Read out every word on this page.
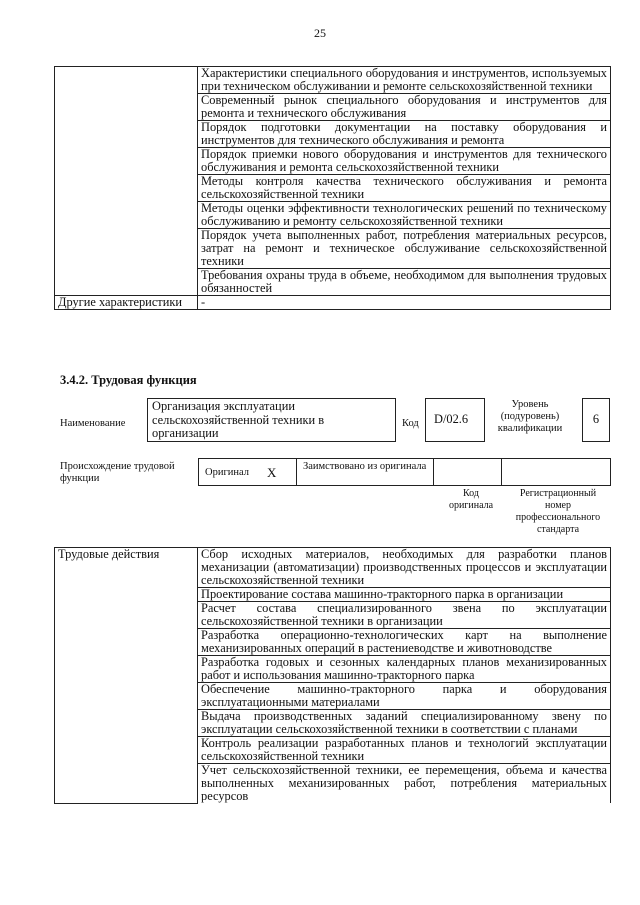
25

	Характеристики специального оборудования и инструментов, используемых при техническом обслуживании и ремонте сельскохозяйственной техники

	Современный рынок специального оборудования и инструментов для ремонта и технического обслуживания

	Порядок подготовки документации на поставку оборудования и инструментов для технического обслуживания и ремонта

	Порядок приемки нового оборудования и инструментов для технического обслуживания и ремонта сельскохозяйственной техники

	Методы контроля качества технического обслуживания и ремонта сельскохозяйственной техники

	Методы оценки эффективности технологических решений по техническому обслуживанию и ремонту сельскохозяйственной техники

	Порядок учета выполненных работ, потребления материальных ресурсов, затрат на ремонт и техническое обслуживание сельскохозяйственной техники

	Требования охраны труда в объеме, необходимом для выполнения трудовых обязанностей

Другие характеристики	-
3.4.2. Трудовая функция
Наименование
Организация эксплуатации сельскохозяйственной техники в организации
Код	D/02.6
Уровень (подуровень) квалификации
6
Происхождение трудовой функции
Оригинал X	Заимствовано из оригинала
Код оригинала
Регистрационный номер профессионального стандарта
Трудовые действия	Сбор исходных материалов, необходимых для разработки планов механизации (автоматизации) производственных процессов и эксплуатации сельскохозяйственной техники

Проектирование состава машинно-тракторного парка в организации

Расчет состава специализированного звена по эксплуатации сельскохозяйственной техники в организации

Разработка операционно-технологических карт на выполнение механизированных операций в растениеводстве и животноводстве

Разработка годовых и сезонных календарных планов механизированных работ и использования машинно-тракторного парка

Обеспечение машинно-тракторного парка и оборудования эксплуатационными материалами

Выдача производственных заданий специализированному звену по эксплуатации сельскохозяйственной техники в соответствии с планами

Контроль реализации разработанных планов и технологий эксплуатации сельскохозяйственной техники

Учет сельскохозяйственной техники, ее перемещения, объема и качества выполненных механизированных работ, потребления материальных ресурсов
